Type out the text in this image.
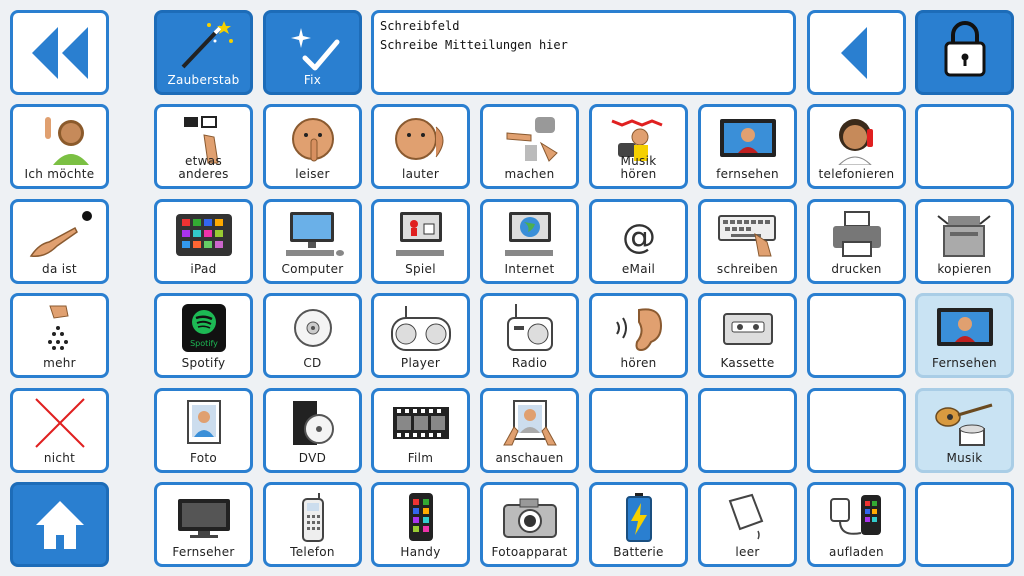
Zauberstab	Fix
Schreibfeld
Schreibe Mitteilungen hier
Ich möchte
da ist
mehr
nicht
etwas
anderes	leiser	lauter	machen
Musik
hören	fernsehen	telefonieren
iPad	Computer	Spiel	Internet
@
eMail	schreiben	drucken	kopieren
Spotify
Spotify	CD	Player	Radio	hören	Kassette	Fernsehen
Foto	DVD	Film	anschauen	Musik
Fernseher	Telefon	Handy	Fotoapparat	Batterie	leer	aufladen
